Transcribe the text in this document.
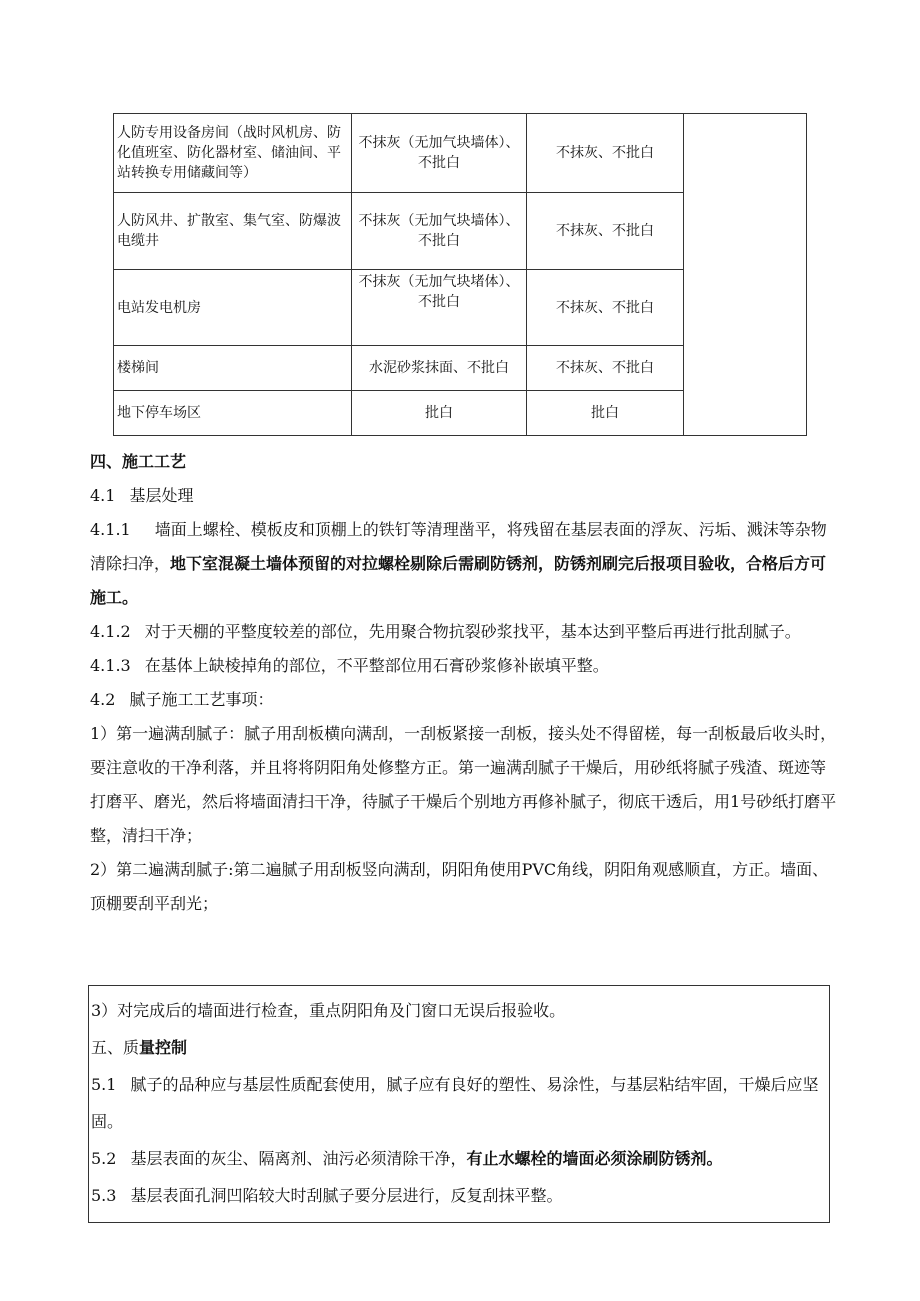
人防专用设备房间（战时风机房、防化值班室、防化器材室、储油间、平站转换专用储藏间等）	不抹灰（无加气块墙体）、不批白	不抹灰、不批白	
人防风井、扩散室、集气室、防爆波电缆井	不抹灰（无加气块墙体）、不批白	不抹灰、不批白	
电站发电机房	不抹灰（无加气块堵体）、不批白	不抹灰、不批白	
楼梯间	水泥砂浆抹面、不批白	不抹灰、不批白	
地下停车场区	批白	批白	

四、施工工艺

4.1 基层处理

4.1.1 墙面上螺栓、模板皮和顶棚上的铁钉等清理凿平，将残留在基层表面的浮灰、污垢、溅沫等杂物清除扫净，地下室混凝土墙体预留的对拉螺栓剔除后需刷防锈剂，防锈剂刷完后报项目验收，合格后方可施工。

4.1.2 对于天棚的平整度较差的部位，先用聚合物抗裂砂浆找平，基本达到平整后再进行批刮腻子。

4.1.3 在基体上缺棱掉角的部位，不平整部位用石膏砂浆修补嵌填平整。

4.2 腻子施工工艺事项：

1）第一遍满刮腻子：腻子用刮板横向满刮，一刮板紧接一刮板，接头处不得留槎，每一刮板最后收头时，要注意收的干净利落，并且将将阴阳角处修整方正。第一遍满刮腻子干燥后，用砂纸将腻子残渣、斑迹等打磨平、磨光，然后将墙面清扫干净，待腻子干燥后个别地方再修补腻子，彻底干透后，用1号砂纸打磨平整，清扫干净；

2）第二遍满刮腻子:第二遍腻子用刮板竖向满刮，阴阳角使用PVC角线，阴阳角观感顺直，方正。墙面、顶棚要刮平刮光；

3）对完成后的墙面进行检查，重点阴阳角及门窗口无误后报验收。

五、质量控制

5.1 腻子的品种应与基层性质配套使用，腻子应有良好的塑性、易涂性，与基层粘结牢固，干燥后应坚固。

5.2 基层表面的灰尘、隔离剂、油污必须清除干净，有止水螺栓的墙面必须涂刷防锈剂。

5.3 基层表面孔洞凹陷较大时刮腻子要分层进行，反复刮抹平整。
